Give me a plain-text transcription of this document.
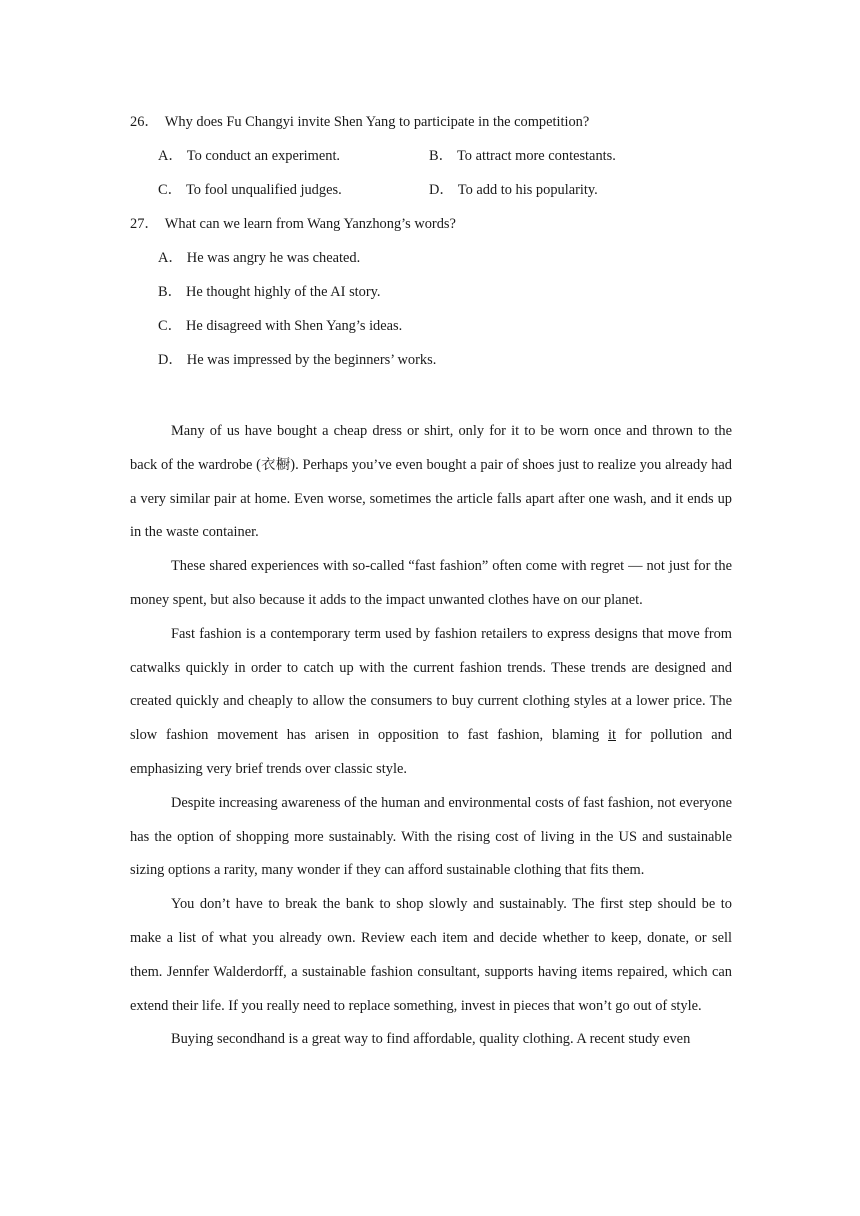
26． Why does Fu Changyi invite Shen Yang to participate in the competition?
A． To conduct an experiment.	B． To attract more contestants.
C． To fool unqualified judges.	D． To add to his popularity.
27． What can we learn from Wang Yanzhong’s words?
A． He was angry he was cheated.
B． He thought highly of the AI story.
C． He disagreed with Shen Yang’s ideas.
D． He was impressed by the beginners’ works.

Many of us have bought a cheap dress or shirt, only for it to be worn once and thrown to the back of the wardrobe (衣橱). Perhaps you’ve even bought a pair of shoes just to realize you already had a very similar pair at home. Even worse, sometimes the article falls apart after one wash, and it ends up in the waste container.

These shared experiences with so-called “fast fashion” often come with regret — not just for the money spent, but also because it adds to the impact unwanted clothes have on our planet.

Fast fashion is a contemporary term used by fashion retailers to express designs that move from catwalks quickly in order to catch up with the current fashion trends. These trends are designed and created quickly and cheaply to allow the consumers to buy current clothing styles at a lower price. The slow fashion movement has arisen in opposition to fast fashion, blaming it for pollution and emphasizing very brief trends over classic style.

Despite increasing awareness of the human and environmental costs of fast fashion, not everyone has the option of shopping more sustainably. With the rising cost of living in the US and sustainable sizing options a rarity, many wonder if they can afford sustainable clothing that fits them.

You don’t have to break the bank to shop slowly and sustainably. The first step should be to make a list of what you already own. Review each item and decide whether to keep, donate, or sell them. Jennfer Walderdorff, a sustainable fashion consultant, supports having items repaired, which can extend their life. If you really need to replace something, invest in pieces that won’t go out of style.

Buying secondhand is a great way to find affordable, quality clothing. A recent study even
